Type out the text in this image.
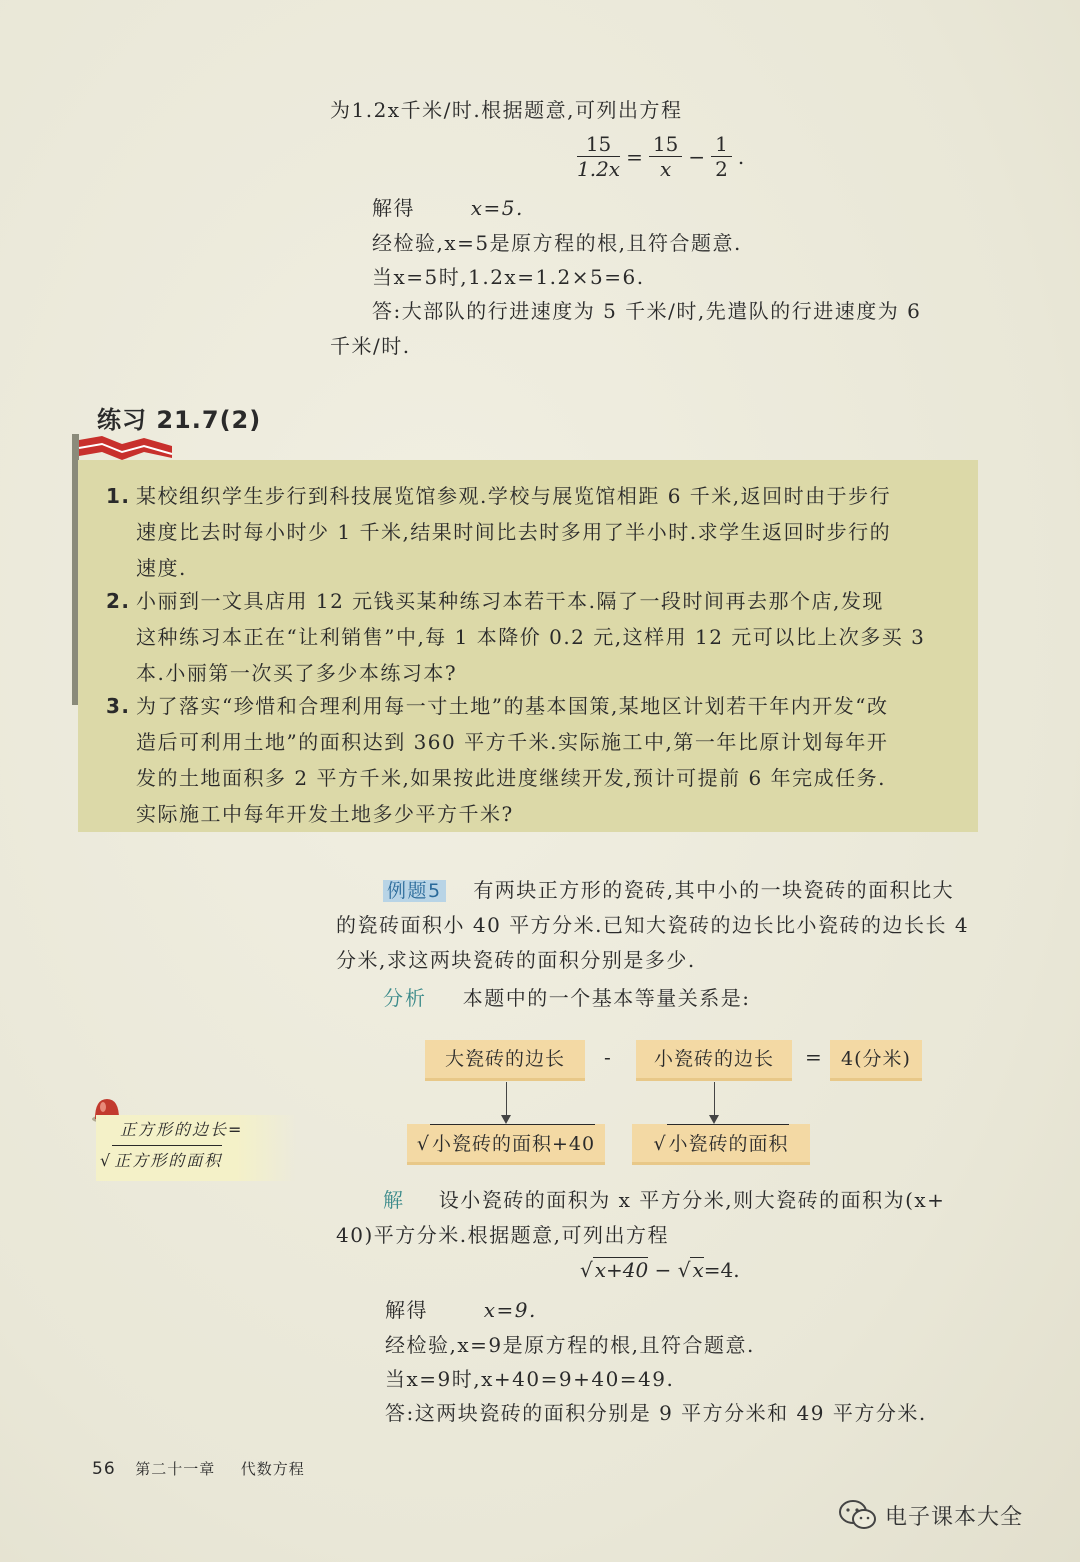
为1.2x千米/时.根据题意,可列出方程
$\frac{15}{1.2x} = \frac{15}{x} - \frac{1}{2}$ .
解得	x=5.
经检验,x=5是原方程的根,且符合题意.
当x=5时,1.2x=1.2×5=6.
答:大部队的行进速度为 5 千米/时,先遣队的行进速度为 6
千米/时.
练习 21.7(2)
1. 某校组织学生步行到科技展览馆参观.学校与展览馆相距 6 千米,返回时由于步行
速度比去时每小时少 1 千米,结果时间比去时多用了半小时.求学生返回时步行的
速度.
2. 小丽到一文具店用 12 元钱买某种练习本若干本.隔了一段时间再去那个店,发现
这种练习本正在“让利销售”中,每 1 本降价 0.2 元,这样用 12 元可以比上次多买 3
本.小丽第一次买了多少本练习本?
3. 为了落实“珍惜和合理利用每一寸土地”的基本国策,某地区计划若干年内开发“改
造后可利用土地”的面积达到 360 平方千米.实际施工中,第一年比原计划每年开
发的土地面积多 2 平方千米,如果按此进度继续开发,预计可提前 6 年完成任务.
实际施工中每年开发土地多少平方千米?
例题5 有两块正方形的瓷砖,其中小的一块瓷砖的面积比大
的瓷砖面积小 40 平方分米.已知大瓷砖的边长比小瓷砖的边长长 4
分米,求这两块瓷砖的面积分别是多少.
分析 本题中的一个基本等量关系是:
大瓷砖的边长	-	小瓷砖的边长	=	4(分米)
√ 小瓷砖的面积+40	√ 小瓷砖的面积
正方形的边长=
√ 正方形的面积
解 设小瓷砖的面积为 x 平方分米,则大瓷砖的面积为(x+
40)平方分米.根据题意,可列出方程
√ x+40 − √ x=4.
解得	x=9.
经检验,x=9是原方程的根,且符合题意.
当x=9时,x+40=9+40=49.
答:这两块瓷砖的面积分别是 9 平方分米和 49 平方分米.
56 第二十一章 代数方程
电子课本大全
